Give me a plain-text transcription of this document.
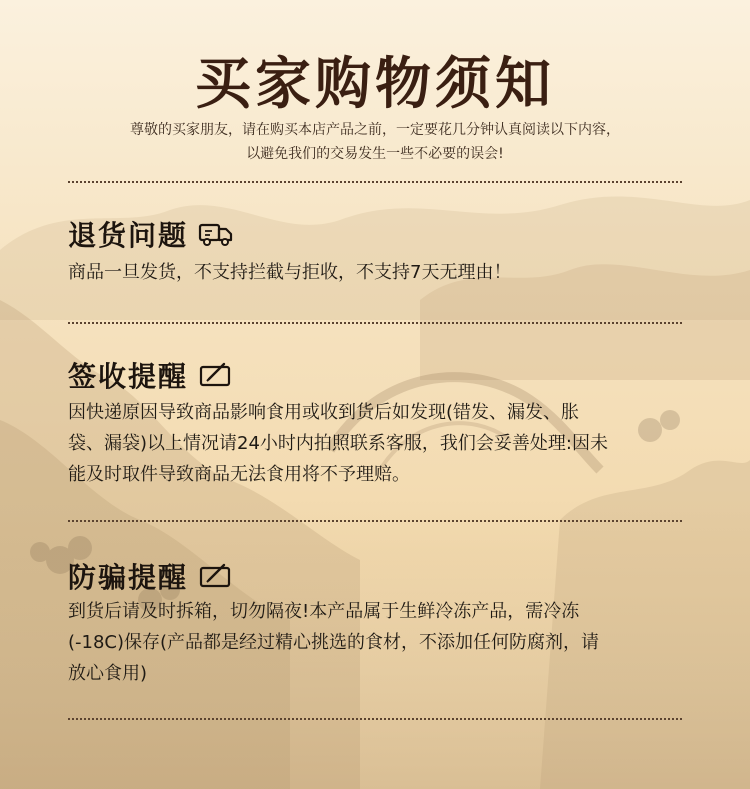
买家购物须知
尊敬的买家朋友，请在购买本店产品之前，一定要花几分钟认真阅读以下内容，
以避免我们的交易发生一些不必要的误会!
退货问题
商品一旦发货，不支持拦截与拒收，不支持7天无理由！
签收提醒
因快递原因导致商品影响食用或收到货后如发现(错发、漏发、胀
袋、漏袋)以上情况请24小时内拍照联系客服，我们会妥善处理:因未
能及时取件导致商品无法食用将不予理赔。
防骗提醒
到货后请及时拆箱，切勿隔夜!本产品属于生鲜冷冻产品，需冷冻
(-18C)保存(产品都是经过精心挑选的食材，不添加任何防腐剂，请
放心食用)
